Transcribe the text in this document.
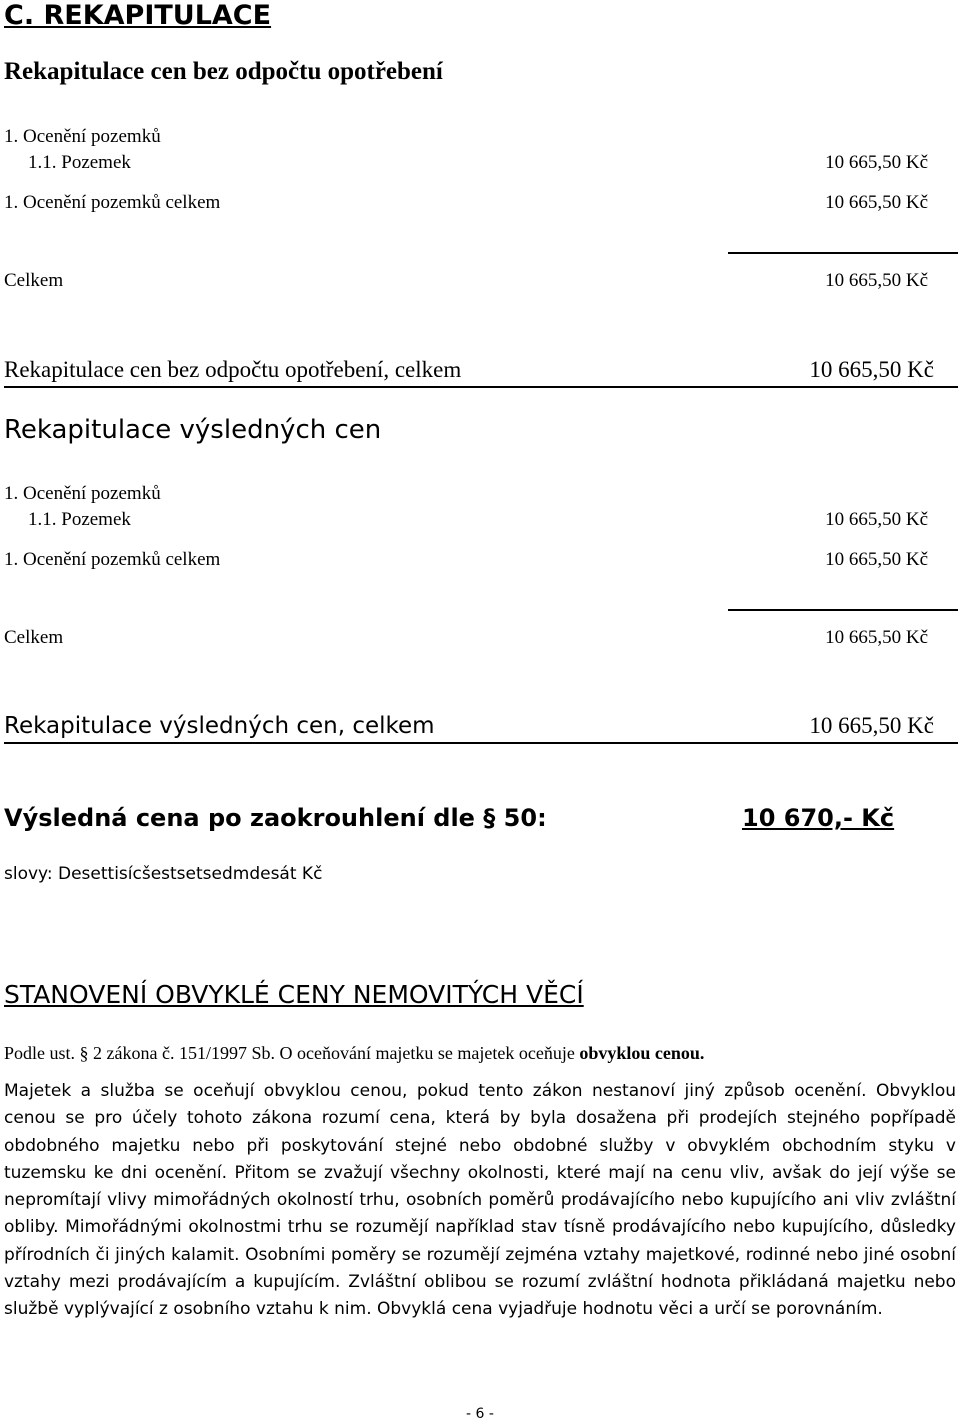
C. REKAPITULACE
Rekapitulace cen bez odpočtu opotřebení
1. Ocenění pozemků
1.1. Pozemek	10 665,50 Kč
1. Ocenění pozemků celkem	10 665,50 Kč
Celkem	10 665,50 Kč
Rekapitulace cen bez odpočtu opotřebení, celkem	10 665,50 Kč
Rekapitulace výsledných cen
1. Ocenění pozemků
1.1. Pozemek	10 665,50 Kč
1. Ocenění pozemků celkem	10 665,50 Kč
Celkem	10 665,50 Kč
Rekapitulace výsledných cen, celkem	10 665,50 Kč
Výsledná cena po zaokrouhlení dle § 50:	10 670,- Kč
slovy: Desettisícšestsetsedmdesát Kč
STANOVENÍ OBVYKLÉ CENY NEMOVITÝCH VĚCÍ
Podle ust. § 2 zákona č. 151/1997 Sb. O oceňování majetku se majetek oceňuje obvyklou cenou.
Majetek a služba se oceňují obvyklou cenou, pokud tento zákon nestanoví jiný způsob ocenění. Obvyklou cenou se pro účely tohoto zákona rozumí cena, která by byla dosažena při prodejích stejného popřípadě obdobného majetku nebo při poskytování stejné nebo obdobné služby v obvyklém obchodním styku v tuzemsku ke dni ocenění. Přitom se zvažují všechny okolnosti, které mají na cenu vliv, avšak do její výše se nepromítají vlivy mimořádných okolností trhu, osobních poměrů prodávajícího nebo kupujícího ani vliv zvláštní obliby. Mimořádnými okolnostmi trhu se rozumějí například stav tísně prodávajícího nebo kupujícího, důsledky přírodních či jiných kalamit. Osobními poměry se rozumějí zejména vztahy majetkové, rodinné nebo jiné osobní vztahy mezi prodávajícím a kupujícím. Zvláštní oblibou se rozumí zvláštní hodnota přikládaná majetku nebo službě vyplývající z osobního vztahu k nim. Obvyklá cena vyjadřuje hodnotu věci a určí se porovnáním.
- 6 -
